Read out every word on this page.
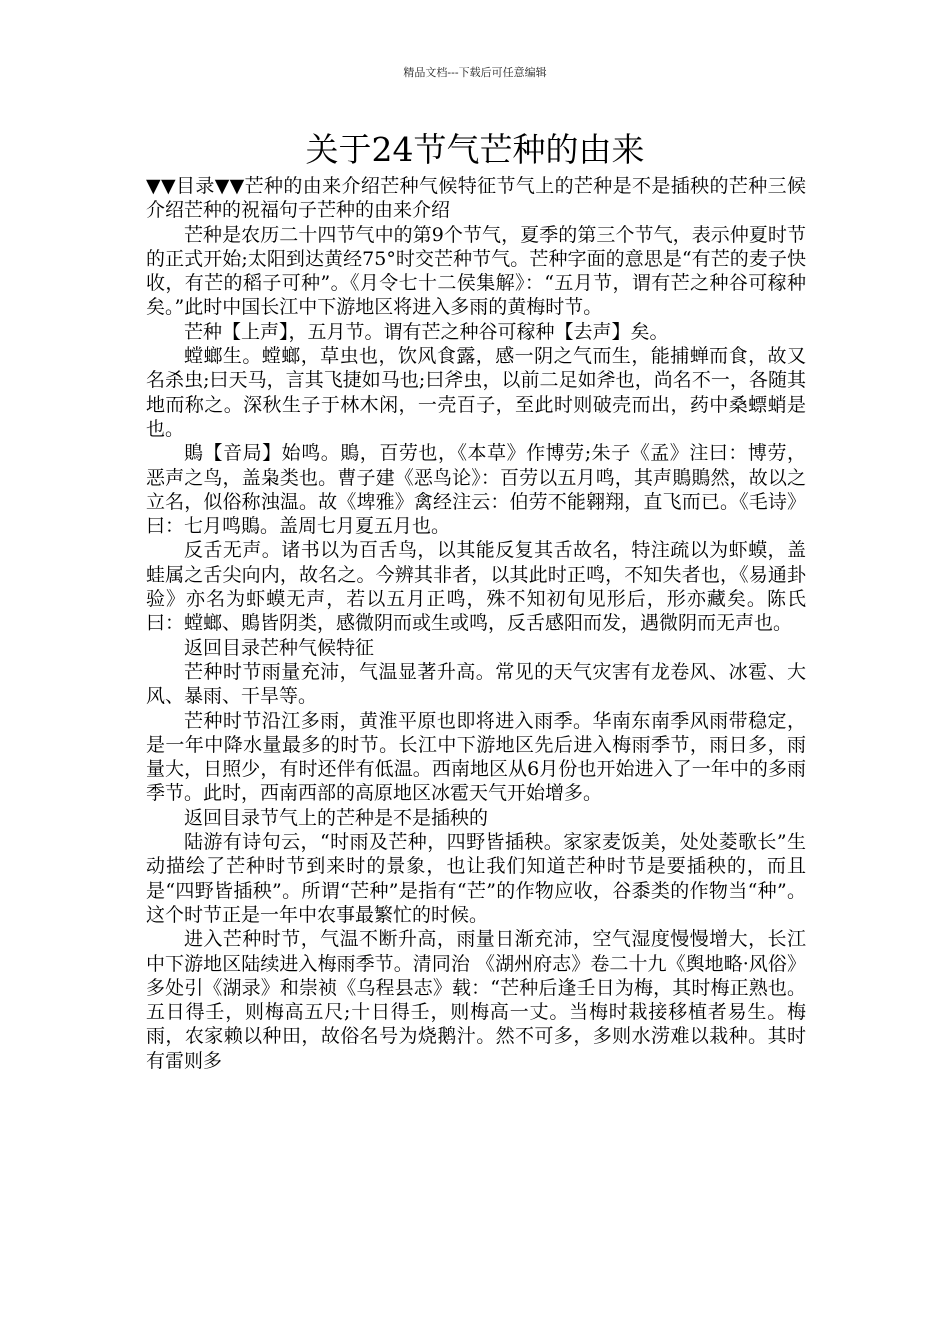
精品文档---下载后可任意编辑
关于24节气芒种的由来

▼▼目录▼▼芒种的由来介绍芒种气候特征节气上的芒种是不是插秧的芒种三候介绍芒种的祝福句子芒种的由来介绍

芒种是农历二十四节气中的第9个节气，夏季的第三个节气，表示仲夏时节的正式开始;太阳到达黄经75°时交芒种节气。芒种字面的意思是“有芒的麦子快收，有芒的稻子可种”。《月令七十二侯集解》：“五月节，谓有芒之种谷可稼种矣。”此时中国长江中下游地区将进入多雨的黄梅时节。

芒种【上声】，五月节。谓有芒之种谷可稼种【去声】矣。

螳螂生。螳螂，草虫也，饮风食露，感一阴之气而生，能捕蝉而食，故又名杀虫;曰天马，言其飞捷如马也;曰斧虫，以前二足如斧也，尚名不一，各随其地而称之。深秋生子于林木闲，一壳百子，至此时则破壳而出，药中桑螵蛸是也。

鵙【音局】始鸣。鵙，百劳也，《本草》作博劳;朱子《孟》注曰：博劳，恶声之鸟，盖枭类也。曹子建《恶鸟论》：百劳以五月鸣，其声鵙鵙然，故以之立名，似俗称浊温。故《埤雅》禽经注云：伯劳不能翱翔，直飞而已。《毛诗》曰：七月鸣鵙。盖周七月夏五月也。

反舌无声。诸书以为百舌鸟，以其能反复其舌故名，特注疏以为虾蟆，盖蛙属之舌尖向内，故名之。今辨其非者，以其此时正鸣，不知失者也，《易通卦验》亦名为虾蟆无声，若以五月正鸣，殊不知初旬见形后，形亦藏矣。陈氏曰：螳螂、鵙皆阴类，感微阴而或生或鸣，反舌感阳而发，遇微阴而无声也。

返回目录芒种气候特征

芒种时节雨量充沛，气温显著升高。常见的天气灾害有龙卷风、冰雹、大风、暴雨、干旱等。

芒种时节沿江多雨，黄淮平原也即将进入雨季。华南东南季风雨带稳定，是一年中降水量最多的时节。长江中下游地区先后进入梅雨季节，雨日多，雨量大，日照少，有时还伴有低温。西南地区从6月份也开始进入了一年中的多雨季节。此时，西南西部的高原地区冰雹天气开始增多。

返回目录节气上的芒种是不是插秧的

陆游有诗句云，“时雨及芒种，四野皆插秧。家家麦饭美，处处菱歌长”生动描绘了芒种时节到来时的景象，也让我们知道芒种时节是要插秧的，而且是“四野皆插秧”。所谓“芒种”是指有“芒”的作物应收，谷黍类的作物当“种”。这个时节正是一年中农事最繁忙的时候。

进入芒种时节，气温不断升高，雨量日渐充沛，空气湿度慢慢增大，长江中下游地区陆续进入梅雨季节。清同治 《湖州府志》卷二十九《舆地略·风俗》多处引《湖录》和崇祯《乌程县志》载：“芒种后逢壬日为梅，其时梅正熟也。五日得壬，则梅高五尺;十日得壬，则梅高一丈。当梅时栽接移植者易生。梅雨，农家赖以种田，故俗名号为烧鹅汁。然不可多，多则水涝难以栽种。其时有雷则多
